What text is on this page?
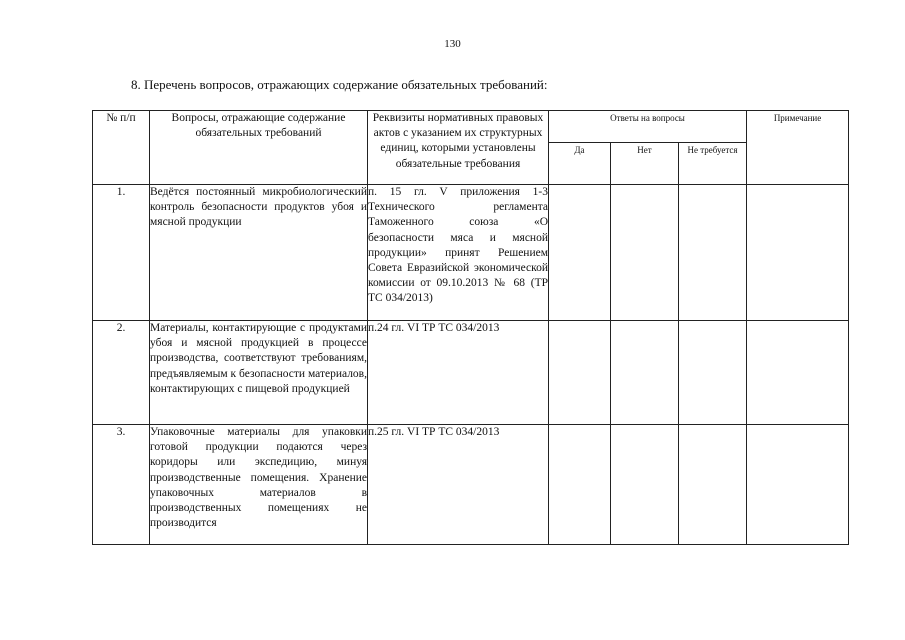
130
8. Перечень вопросов, отражающих содержание обязательных требований:
№ п/п	Вопросы, отражающие содержание обязательных требований	Реквизиты нормативных правовых актов с указанием их структурных единиц, которыми установлены обязательные требования	Ответы на вопросы			Примечание
			Да	Нет	Не требуется	
1.	Ведётся постоянный микробиологический контроль безопасности продуктов убоя и мясной продукции	п. 15 гл. V приложения 1-3 Технического регламента Таможенного союза «О безопасности мяса и мясной продукции» принят Решением Совета Евразийской экономической комиссии от 09.10.2013 № 68 (ТР ТС 034/2013)				
2.	Материалы, контактирующие с продуктами убоя и мясной продукцией в процессе производства, соответствуют требованиям, предъявляемым к безопасности материалов, контактирующих с пищевой продукцией	п.24 гл. VI ТР ТС 034/2013				
3.	Упаковочные материалы для упаковки готовой продукции подаются через коридоры или экспедицию, минуя производственные помещения. Хранение упаковочных материалов в производственных помещениях не производится	п.25 гл. VI ТР ТС 034/2013				
